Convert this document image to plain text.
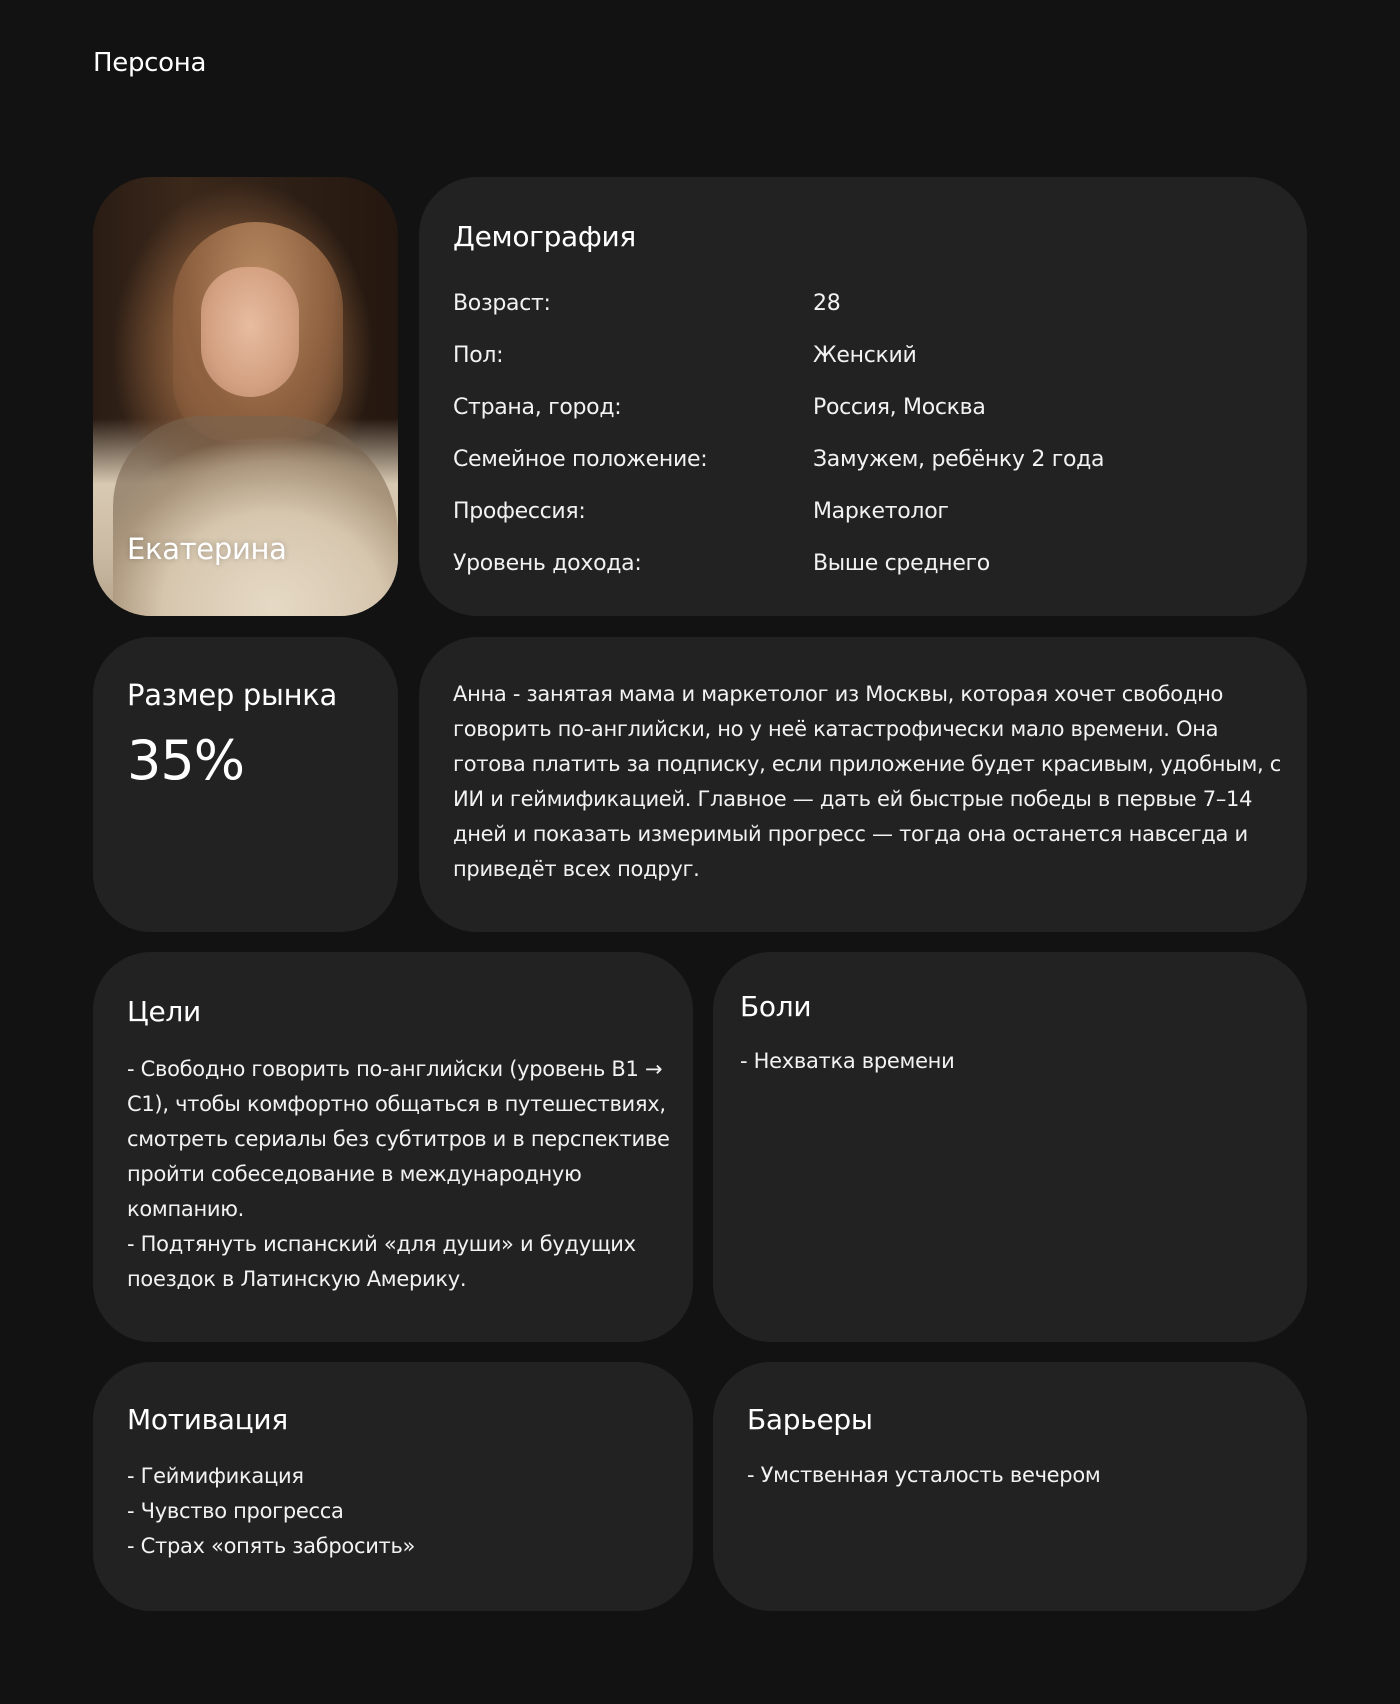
Персона
Екатерина
Демография
Возраст:	28
Пол:	Женский
Страна, город:	Россия, Москва
Семейное положение:	Замужем, ребёнку 2 года
Профессия:	Маркетолог
Уровень дохода:	Выше среднего
Размер рынка
35%
Анна - занятая мама и маркетолог из Москвы, которая хочет свободно говорить по-английски, но у неё катастрофически мало времени. Она готова платить за подписку, если приложение будет красивым, удобным, с ИИ и геймификацией. Главное — дать ей быстрые победы в первые 7–14 дней и показать измеримый прогресс — тогда она останется навсегда и приведёт всех подруг.
Цели
- Свободно говорить по-английски (уровень B1 → C1), чтобы комфортно общаться в путешествиях, смотреть сериалы без субтитров и в перспективе пройти собеседование в международную компанию.
- Подтянуть испанский «для души» и будущих поездок в Латинскую Америку.
Боли
- Нехватка времени
Мотивация
- Геймификация
- Чувство прогресса
- Страх «опять забросить»
Барьеры
- Умственная усталость вечером
